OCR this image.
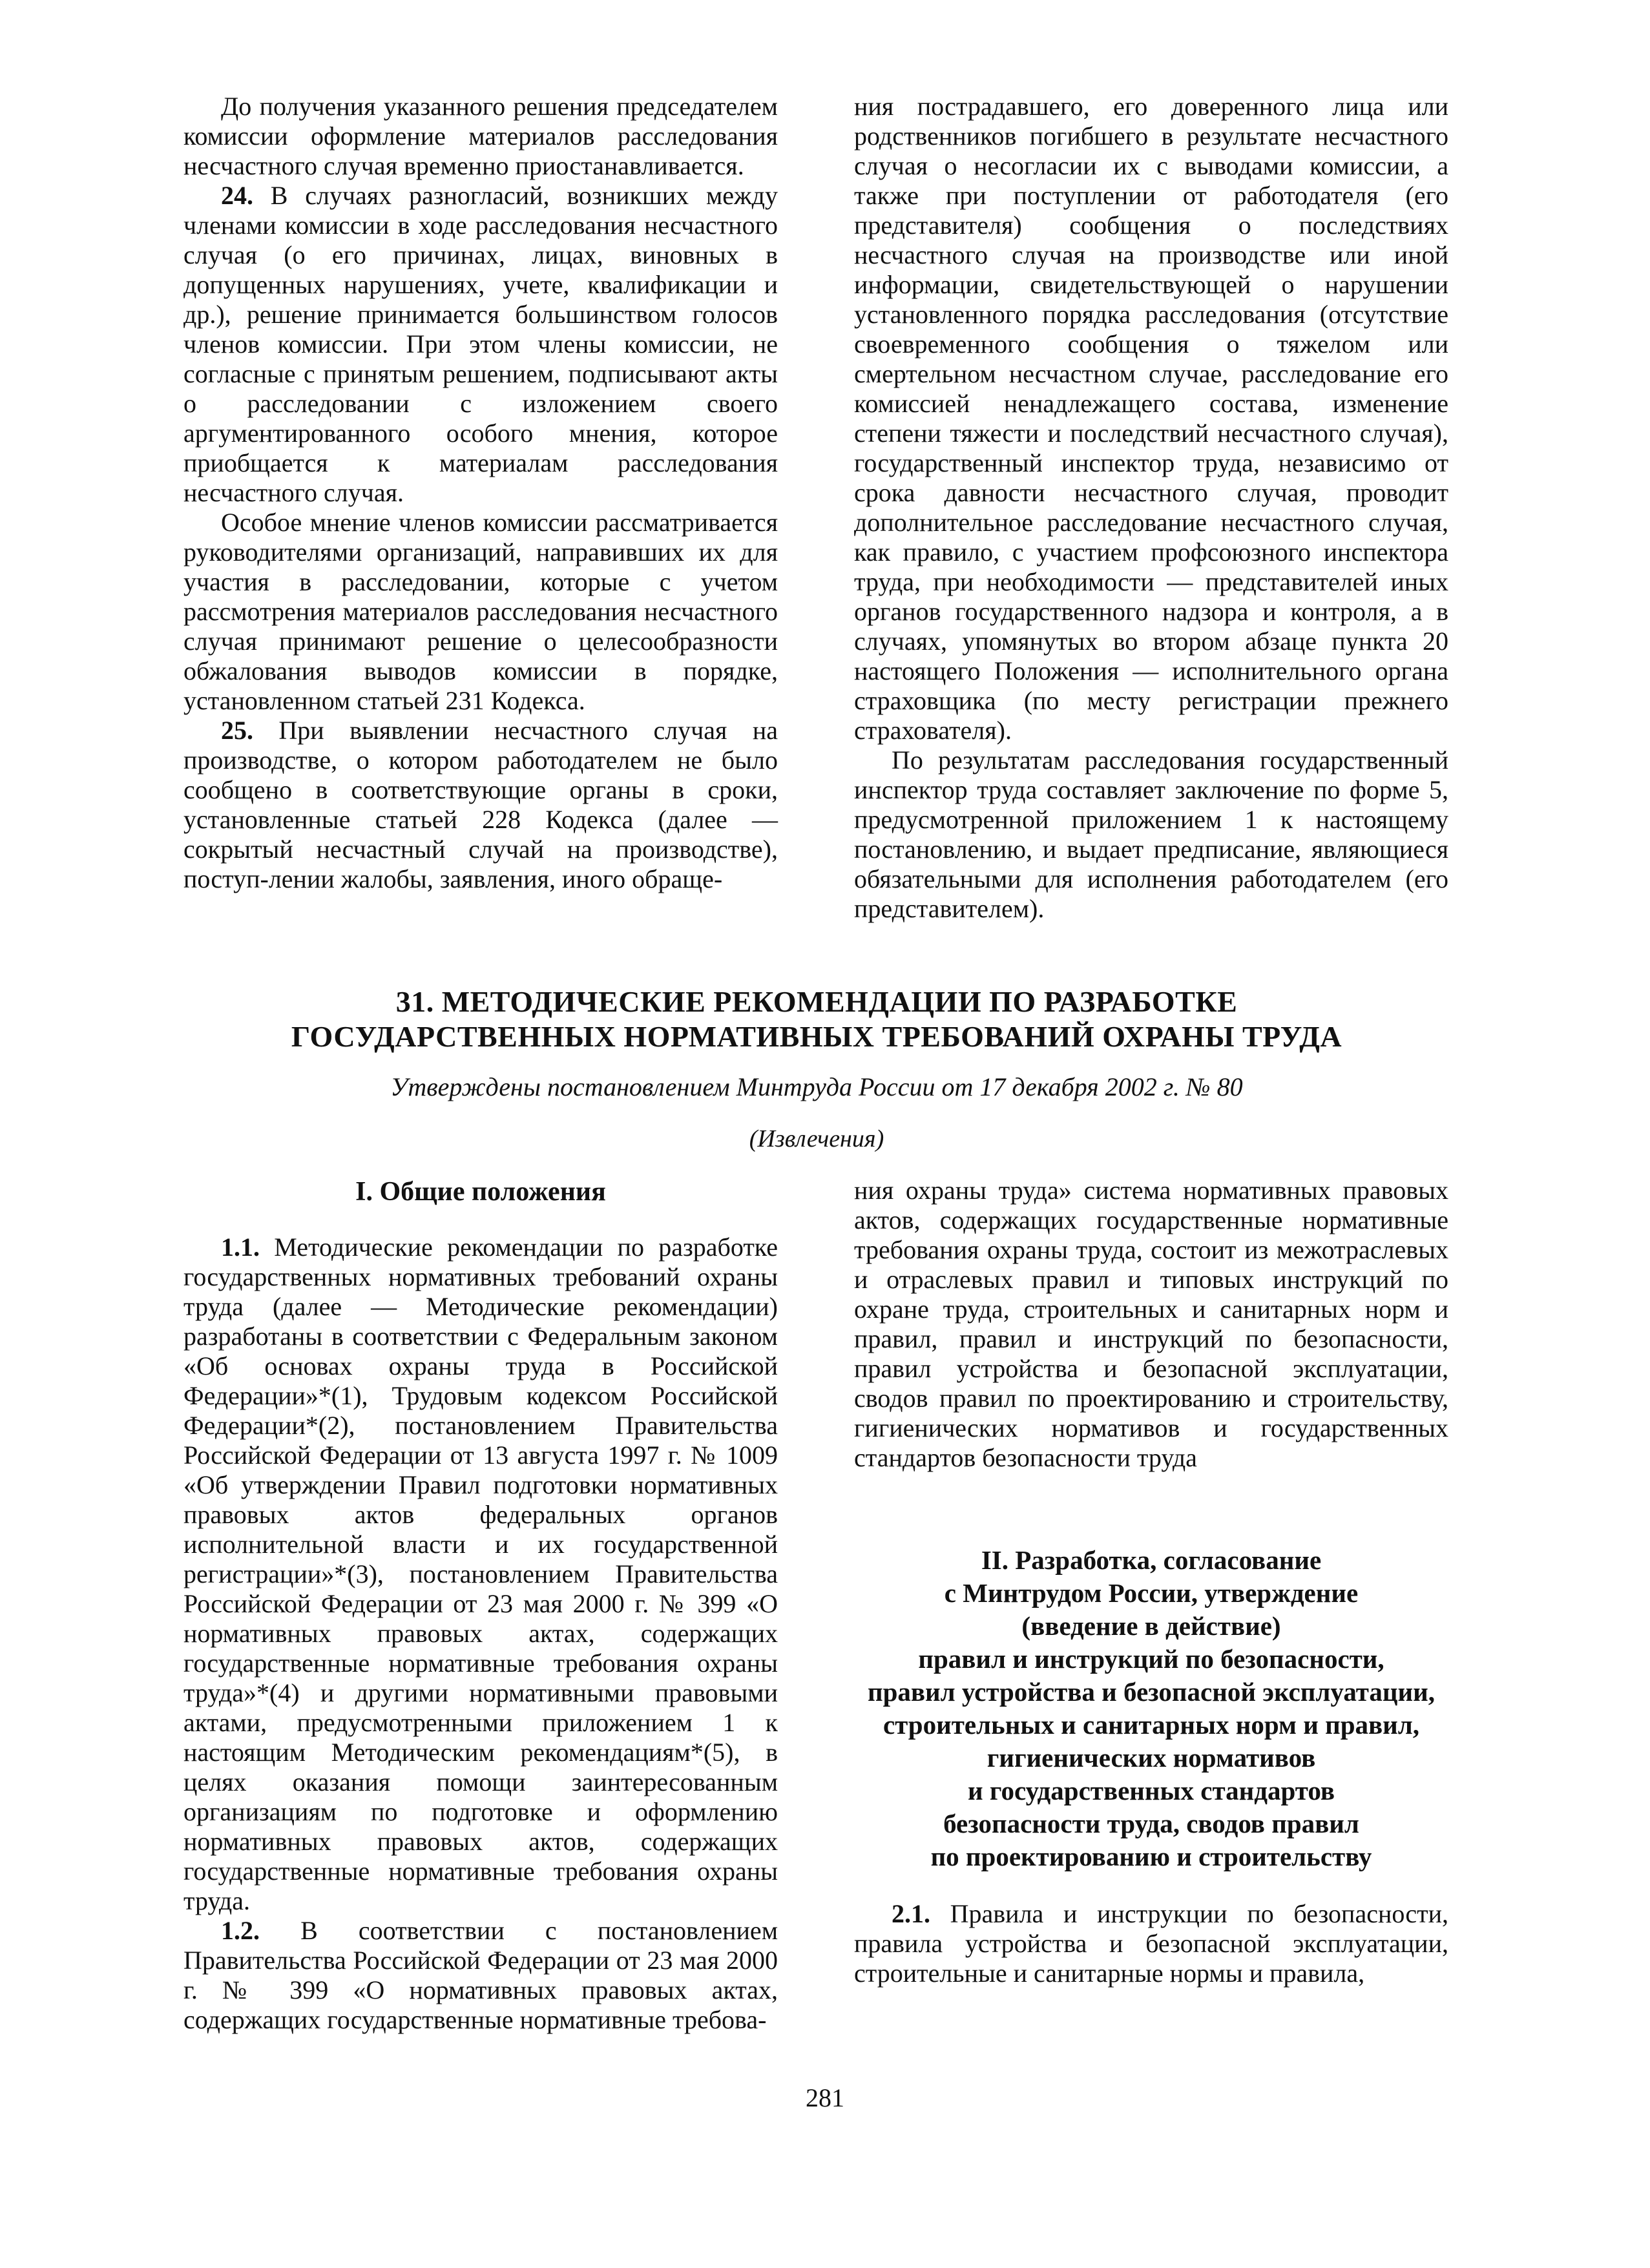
До получения указанного решения председателем комиссии оформление материалов расследования несчастного случая временно приостанавливается.

24. В случаях разногласий, возникших между членами комиссии в ходе расследования несчастного случая (о его причинах, лицах, виновных в допущенных нарушениях, учете, квалификации и др.), решение принимается большинством голосов членов комиссии. При этом члены комиссии, не согласные с принятым решением, подписывают акты о расследовании с изложением своего аргументированного особого мнения, которое приобщается к материалам расследования несчастного случая.

Особое мнение членов комиссии рассматривается руководителями организаций, направивших их для участия в расследовании, которые с учетом рассмотрения материалов расследования несчастного случая принимают решение о целесообразности обжалования выводов комиссии в порядке, установленном статьей 231 Кодекса.

25. При выявлении несчастного случая на производстве, о котором работодателем не было сообщено в соответствующие органы в сроки, установленные статьей 228 Кодекса (далее — сокрытый несчастный случай на производстве), поступ-лении жалобы, заявления, иного обраще-

ния пострадавшего, его доверенного лица или родственников погибшего в результате несчастного случая о несогласии их с выводами комиссии, а также при поступлении от работодателя (его представителя) сообщения о последствиях несчастного случая на производстве или иной информации, свидетельствующей о нарушении установленного порядка расследования (отсутствие своевременного сообщения о тяжелом или смертельном несчастном случае, расследование его комиссией ненадлежащего состава, изменение степени тяжести и последствий несчастного случая), государственный инспектор труда, независимо от срока давности несчастного случая, проводит дополнительное расследование несчастного случая, как правило, с участием профсоюзного инспектора труда, при необходимости — представителей иных органов государственного надзора и контроля, а в случаях, упомянутых во втором абзаце пункта 20 настоящего Положения — исполнительного органа страховщика (по месту регистрации прежнего страхователя).

По результатам расследования государственный инспектор труда составляет заключение по форме 5, предусмотренной приложением 1 к настоящему постановлению, и выдает предписание, являющиеся обязательными для исполнения работодателем (его представителем).

31. МЕТОДИЧЕСКИЕ РЕКОМЕНДАЦИИ ПО РАЗРАБОТКЕ
ГОСУДАРСТВЕННЫХ НОРМАТИВНЫХ ТРЕБОВАНИЙ ОХРАНЫ ТРУДА
Утверждены постановлением Минтруда России от 17 декабря 2002 г. № 80
(Извлечения)
I. Общие положения

1.1. Методические рекомендации по разработке государственных нормативных требований охраны труда (далее — Методические рекомендации) разработаны в соответствии с Федеральным законом «Об основах охраны труда в Российской Федерации»*(1), Трудовым кодексом Российской Федерации*(2), постановлением Правительства Российской Федерации от 13 августа 1997 г. № 1009 «Об утверждении Правил подготовки нормативных правовых актов федеральных органов исполнительной власти и их государственной регистрации»*(3), постановлением Правительства Российской Федерации от 23 мая 2000 г. № 399 «О нормативных правовых актах, содержащих государственные нормативные требования охраны труда»*(4) и другими нормативными правовыми актами, предусмотренными приложением 1 к настоящим Методическим рекомендациям*(5), в целях оказания помощи заинтересованным организациям по подготовке и оформлению нормативных правовых актов, содержащих государственные нормативные требования охраны труда.

1.2. В соответствии с постановлением Правительства Российской Федерации от 23 мая 2000 г. № 399 «О нормативных правовых актах, содержащих государственные нормативные требова-

ния охраны труда» система нормативных правовых актов, содержащих государственные нормативные требования охраны труда, состоит из межотраслевых и отраслевых правил и типовых инструкций по охране труда, строительных и санитарных норм и правил, правил и инструкций по безопасности, правил устройства и безопасной эксплуатации, сводов правил по проектированию и строительству, гигиенических нормативов и государственных стандартов безопасности труда

II. Разработка, согласование
с Минтрудом России, утверждение
(введение в действие)
правил и инструкций по безопасности,
правил устройства и безопасной эксплуатации,
строительных и санитарных норм и правил,
гигиенических нормативов
и государственных стандартов
безопасности труда, сводов правил
по проектированию и строительству

2.1. Правила и инструкции по безопасности, правила устройства и безопасной эксплуатации, строительные и санитарные нормы и правила,

281
